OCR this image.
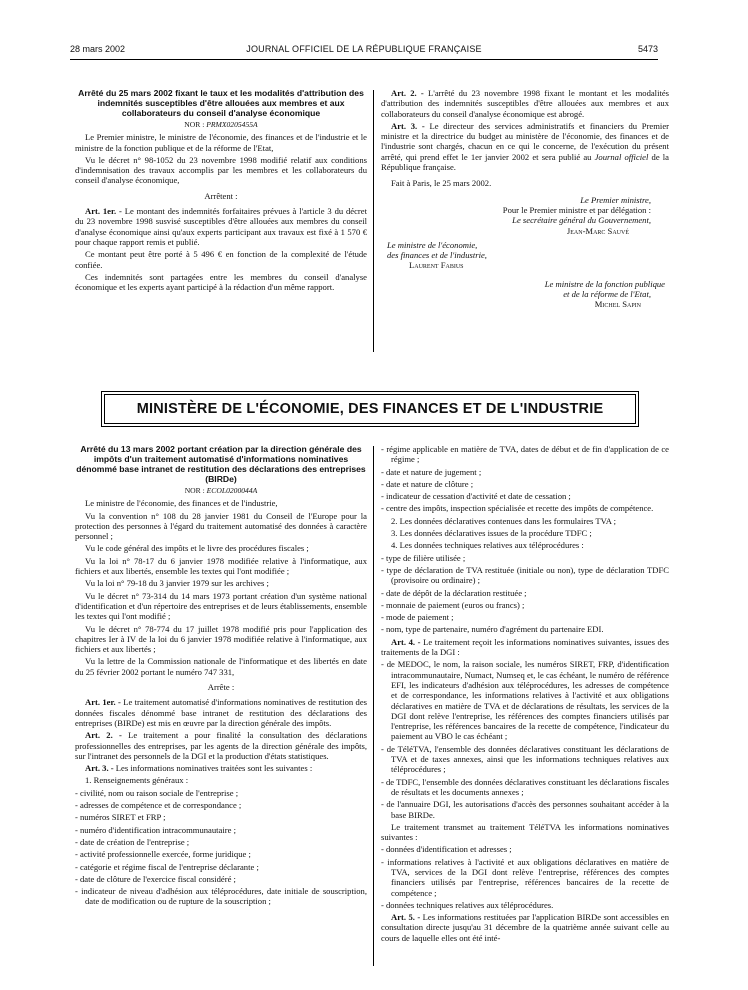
28 mars 2002	JOURNAL OFFICIEL DE LA RÉPUBLIQUE FRANÇAISE	5473

Arrêté du 25 mars 2002 fixant le taux et les modalités d'attribution des indemnités susceptibles d'être allouées aux membres et aux collaborateurs du conseil d'analyse économique

NOR : PRMX0205455A

Le Premier ministre, le ministre de l'économie, des finances et de l'industrie et le ministre de la fonction publique et de la réforme de l'Etat,

Vu le décret n° 98-1052 du 23 novembre 1998 modifié relatif aux conditions d'indemnisation des travaux accomplis par les membres et les collaborateurs du conseil d'analyse économique,

Arrêtent :

Art. 1er. - Le montant des indemnités forfaitaires prévues à l'article 3 du décret du 23 novembre 1998 susvisé susceptibles d'être allouées aux membres du conseil d'analyse économique ainsi qu'aux experts participant aux travaux est fixé à 1 570 € pour chaque rapport remis et publié.

Ce montant peut être porté à 5 496 € en fonction de la complexité de l'étude confiée.

Ces indemnités sont partagées entre les membres du conseil d'analyse économique et les experts ayant participé à la rédaction d'un même rapport.

Art. 2. - L'arrêté du 23 novembre 1998 fixant le montant et les modalités d'attribution des indemnités susceptibles d'être allouées aux membres et aux collaborateurs du conseil d'analyse économique est abrogé.

Art. 3. - Le directeur des services administratifs et financiers du Premier ministre et la directrice du budget au ministère de l'économie, des finances et de l'industrie sont chargés, chacun en ce qui le concerne, de l'exécution du présent arrêté, qui prend effet le 1er janvier 2002 et sera publié au Journal officiel de la République française.

Fait à Paris, le 25 mars 2002.

Le Premier ministre,
Pour le Premier ministre et par délégation :
Le secrétaire général du Gouvernement,
Jean-Marc Sauvé
Le ministre de l'économie,
des finances et de l'industrie,
Laurent Fabius
Le ministre de la fonction publique
et de la réforme de l'Etat,
Michel Sapin
MINISTÈRE DE L'ÉCONOMIE, DES FINANCES ET DE L'INDUSTRIE

Arrêté du 13 mars 2002 portant création par la direction générale des impôts d'un traitement automatisé d'informations nominatives dénommé base intranet de restitution des déclarations des entreprises (BIRDe)

NOR : ECOL0200044A

Le ministre de l'économie, des finances et de l'industrie,

Vu la convention n° 108 du 28 janvier 1981 du Conseil de l'Europe pour la protection des personnes à l'égard du traitement automatisé des données à caractère personnel ;

Vu le code général des impôts et le livre des procédures fiscales ;

Vu la loi n° 78-17 du 6 janvier 1978 modifiée relative à l'informatique, aux fichiers et aux libertés, ensemble les textes qui l'ont modifiée ;

Vu la loi n° 79-18 du 3 janvier 1979 sur les archives ;

Vu le décret n° 73-314 du 14 mars 1973 portant création d'un système national d'identification et d'un répertoire des entreprises et de leurs établissements, ensemble les textes qui l'ont modifié ;

Vu le décret n° 78-774 du 17 juillet 1978 modifié pris pour l'application des chapitres Ier à IV de la loi du 6 janvier 1978 modifiée relative à l'informatique, aux fichiers et aux libertés ;

Vu la lettre de la Commission nationale de l'informatique et des libertés en date du 25 février 2002 portant le numéro 747 331,

Arrête :

Art. 1er. - Le traitement automatisé d'informations nominatives de restitution des données fiscales dénommé base intranet de restitution des déclarations des entreprises (BIRDe) est mis en œuvre par la direction générale des impôts.

Art. 2. - Le traitement a pour finalité la consultation des déclarations professionnelles des entreprises, par les agents de la direction générale des impôts, sur l'intranet des personnels de la DGI et la production d'états statistiques.

Art. 3. - Les informations nominatives traitées sont les suivantes :

1. Renseignements généraux :

- civilité, nom ou raison sociale de l'entreprise ;

- adresses de compétence et de correspondance ;

- numéros SIRET et FRP ;

- numéro d'identification intracommunautaire ;

- date de création de l'entreprise ;

- activité professionnelle exercée, forme juridique ;

- catégorie et régime fiscal de l'entreprise déclarante ;

- date de clôture de l'exercice fiscal considéré ;

- indicateur de niveau d'adhésion aux téléprocédures, date initiale de souscription, date de modification ou de rupture de la souscription ;

- régime applicable en matière de TVA, dates de début et de fin d'application de ce régime ;

- date et nature de jugement ;

- date et nature de clôture ;

- indicateur de cessation d'activité et date de cessation ;

- centre des impôts, inspection spécialisée et recette des impôts de compétence.

2. Les données déclaratives contenues dans les formulaires TVA ;

3. Les données déclaratives issues de la procédure TDFC ;

4. Les données techniques relatives aux téléprocédures :

- type de filière utilisée ;

- type de déclaration de TVA restituée (initiale ou non), type de déclaration TDFC (provisoire ou ordinaire) ;

- date de dépôt de la déclaration restituée ;

- monnaie de paiement (euros ou francs) ;

- mode de paiement ;

- nom, type de partenaire, numéro d'agrément du partenaire EDI.

Art. 4. - Le traitement reçoit les informations nominatives suivantes, issues des traitements de la DGI :

- de MEDOC, le nom, la raison sociale, les numéros SIRET, FRP, d'identification intracommunautaire, Numact, Numseq et, le cas échéant, le numéro de référence EFI, les indicateurs d'adhésion aux téléprocédures, les adresses de compétence et de correspondance, les informations relatives à l'activité et aux obligations déclaratives en matière de TVA et de déclarations de résultats, les services de la DGI dont relève l'entreprise, les références des comptes financiers utilisés par l'entreprise, les références bancaires de la recette de compétence, l'indicateur du paiement au VBO le cas échéant ;

- de TéléTVA, l'ensemble des données déclaratives constituant les déclarations de TVA et de taxes annexes, ainsi que les informations techniques relatives aux téléprocédures ;

- de TDFC, l'ensemble des données déclaratives constituant les déclarations fiscales de résultats et les documents annexes ;

- de l'annuaire DGI, les autorisations d'accès des personnes souhaitant accéder à la base BIRDe.

Le traitement transmet au traitement TéléTVA les informations nominatives suivantes :

- données d'identification et adresses ;

- informations relatives à l'activité et aux obligations déclaratives en matière de TVA, services de la DGI dont relève l'entreprise, références des comptes financiers utilisés par l'entreprise, références bancaires de la recette de compétence ;

- données techniques relatives aux téléprocédures.

Art. 5. - Les informations restituées par l'application BIRDe sont accessibles en consultation directe jusqu'au 31 décembre de la quatrième année suivant celle au cours de laquelle elles ont été inté-
